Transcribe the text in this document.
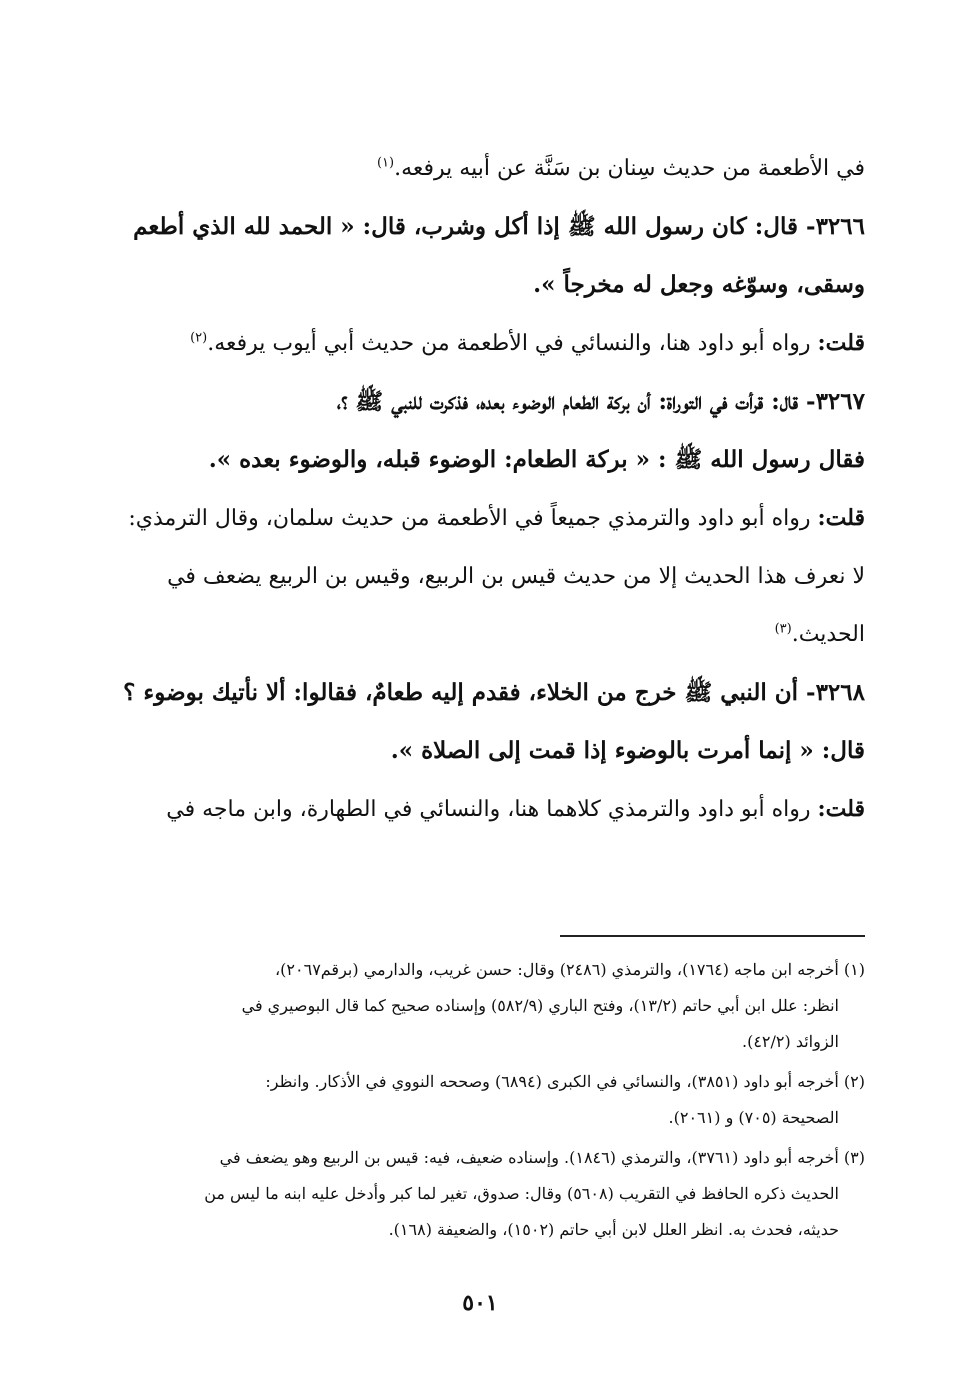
في الأطعمة من حديث سِنان بن سَنَّة عن أبيه يرفعه.$^{(١)}$
٣٢٦٦- قال: كان رسول الله ﷺ إذا أكل وشرب، قال: « الحمد لله الذي أطعم
وسقى، وسوّغه وجعل له مخرجاً ».
قلت: رواه أبو داود هنا، والنسائي في الأطعمة من حديث أبي أيوب يرفعه.$^{(٢)}$
٣٢٦٧- قال: قرأت في التوراة: أن بركة الطعام الوضوء بعده، فذكرت للنبي ﷺ ؟،
فقال رسول الله ﷺ : « بركة الطعام: الوضوء قبله، والوضوء بعده ».
قلت: رواه أبو داود والترمذي جميعاً في الأطعمة من حديث سلمان، وقال الترمذي:
لا نعرف هذا الحديث إلا من حديث قيس بن الربيع، وقيس بن الربيع يضعف في
الحديث.$^{(٣)}$
٣٢٦٨- أن النبي ﷺ خرج من الخلاء، فقدم إليه طعامٌ، فقالوا: ألا نأتيك بوضوء ؟
قال: « إنما أمرت بالوضوء إذا قمت إلى الصلاة ».
قلت: رواه أبو داود والترمذي كلاهما هنا، والنسائي في الطهارة، وابن ماجه في
(١) أخرجه ابن ماجه (١٧٦٤)، والترمذي (٢٤٨٦) وقال: حسن غريب، والدارمي (برقم٢٠٦٧)،
انظر: علل ابن أبي حاتم (١٣/٢)، وفتح الباري (٥٨٢/٩) وإسناده صحيح كما قال البوصيري في
الزوائد (٤٢/٢).
(٢) أخرجه أبو داود (٣٨٥١)، والنسائي في الكبرى (٦٨٩٤) وصححه النووي في الأذكار. وانظر:
الصحيحة (٧٠٥) و (٢٠٦١).
(٣) أخرجه أبو داود (٣٧٦١)، والترمذي (١٨٤٦). وإسناده ضعيف، فيه: قيس بن الربيع وهو يضعف في
الحديث ذكره الحافظ في التقريب (٥٦٠٨) وقال: صدوق، تغير لما كبر وأدخل عليه ابنه ما ليس من
حديثه، فحدث به. انظر العلل لابن أبي حاتم (١٥٠٢)، والضعيفة (١٦٨).
٥٠١
